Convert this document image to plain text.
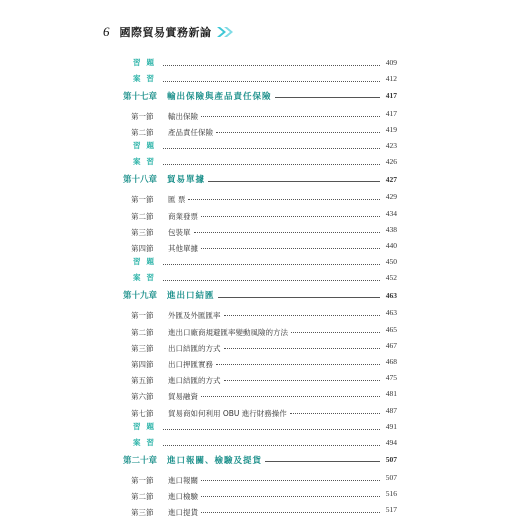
6 國際貿易實務新論
習題	409
案習	412
第十七章 輸出保險與產品責任保險	417
第一節 輸出保險	417
第二節 產品責任保險	419
習題	423
案習	426
第十八章 貿易單據	427
第一節 匯 票	429
第二節 商業發票	434
第三節 包裝單	438
第四節 其他單據	440
習題	450
案習	452
第十九章 進出口結匯	463
第一節 外匯及外匯匯率	463
第二節 進出口廠商規避匯率變動風險的方法	465
第三節 出口結匯的方式	467
第四節 出口押匯實務	468
第五節 進口結匯的方式	475
第六節 貿易融資	481
第七節 貿易商如何利用 OBU 進行財務操作	487
習題	491
案習	494
第二十章 進口報關、檢驗及提貨	507
第一節 進口報關	507
第二節 進口檢驗	516
第三節 進口提貨	517
